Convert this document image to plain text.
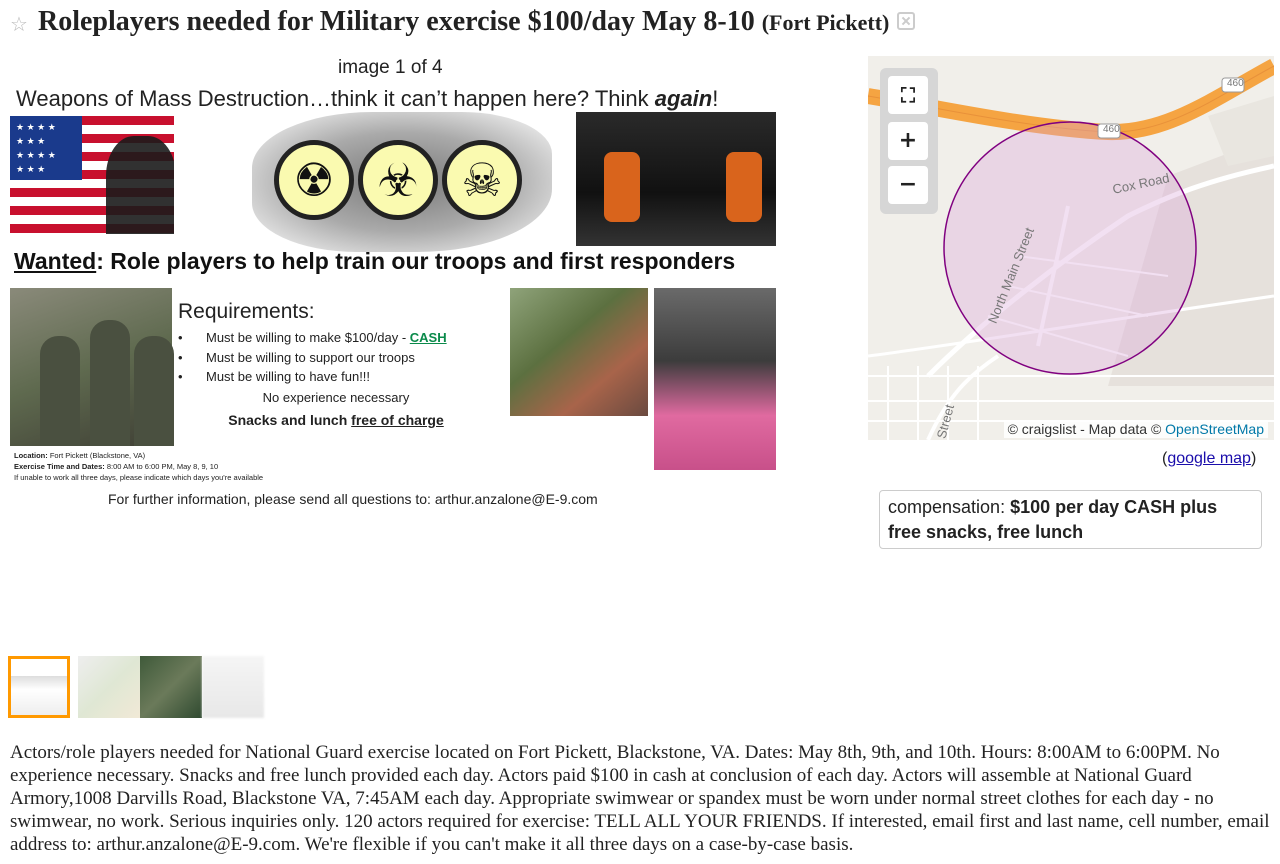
☆ Roleplayers needed for Military exercise $100/day May 8-10 (Fort Pickett)
image 1 of 4
Weapons of Mass Destruction…think it can’t happen here? Think again!
★ ★ ★ ★ ★ ★ ★ ★ ★ ★ ★ ★ ★ ★
☢ ☣ ☠
Wanted: Role players to help train our troops and first responders
Requirements:
• Must be willing to make $100/day - CASH
• Must be willing to support our troops
• Must be willing to have fun!!!
No experience necessary
Snacks and lunch free of charge
Location: Fort Pickett (Blackstone, VA)
Exercise Time and Dates: 8:00 AM to 6:00 PM, May 8, 9, 10
If unable to work all three days, please indicate which days you're available
For further information, please send all questions to: arthur.anzalone@E-9.com
460
460
Cox Road
North Main Street
Street
⛶
+
−
© craigslist - Map data © OpenStreetMap
(google map)
compensation: $100 per day CASH plus free snacks, free lunch
Actors/role players needed for National Guard exercise located on Fort Pickett, Blackstone, VA. Dates: May 8th, 9th, and 10th. Hours: 8:00AM to 6:00PM. No experience necessary. Snacks and free lunch provided each day. Actors paid $100 in cash at conclusion of each day. Actors will assemble at National Guard Armory,1008 Darvills Road, Blackstone VA, 7:45AM each day. Appropriate swimwear or spandex must be worn under normal street clothes for each day - no swimwear, no work. Serious inquiries only. 120 actors required for exercise: TELL ALL YOUR FRIENDS. If interested, email first and last name, cell number, email address to: arthur.anzalone@E-9.com. We're flexible if you can't make it all three days on a case-by-case basis.
